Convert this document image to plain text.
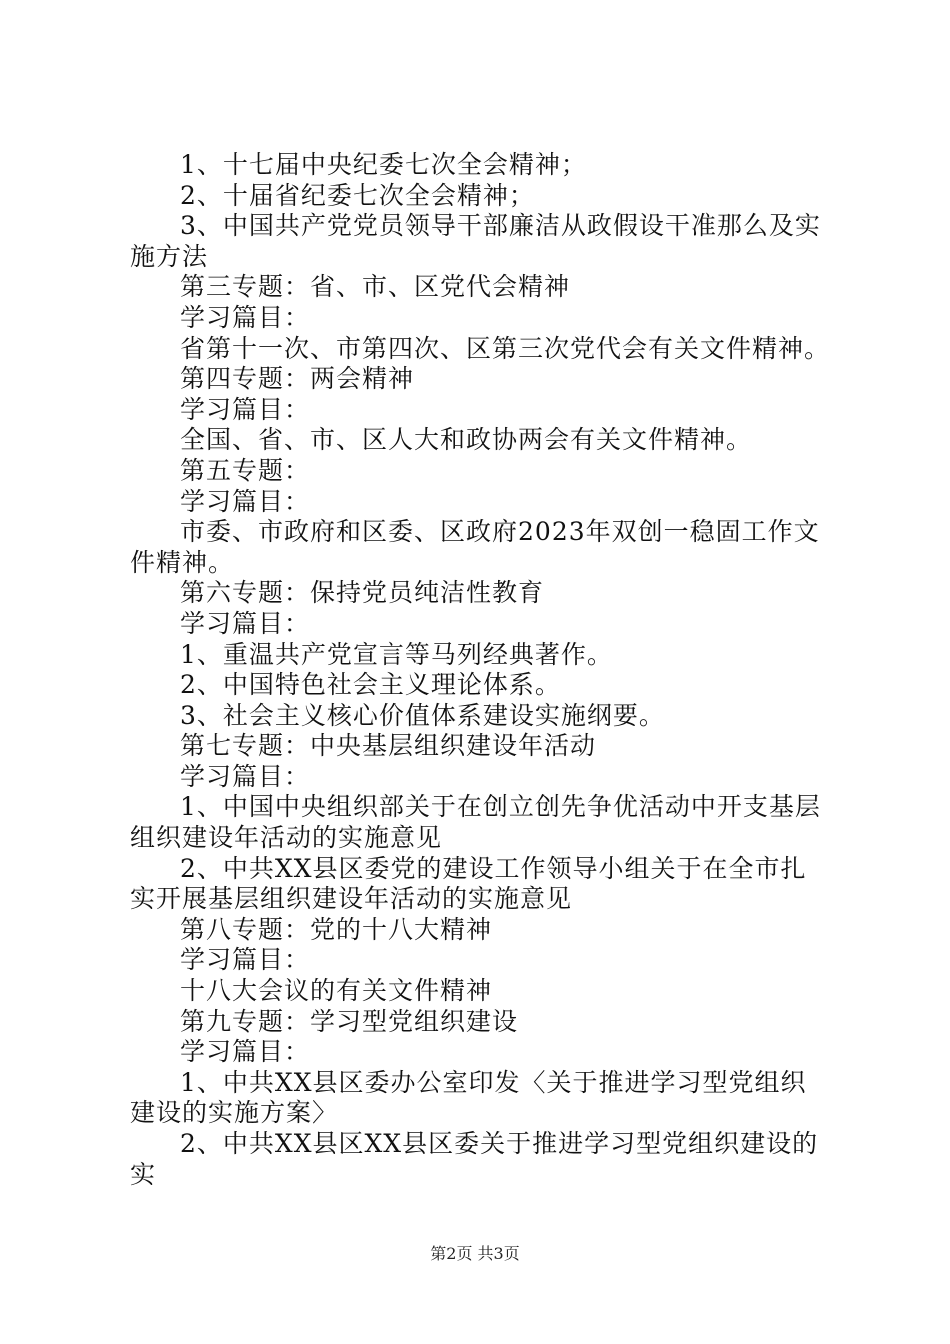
1、十七届中央纪委七次全会精神；

2、十届省纪委七次全会精神；

3、中国共产党党员领导干部廉洁从政假设干准那么及实施方法

第三专题：省、市、区党代会精神

学习篇目：

省第十一次、市第四次、区第三次党代会有关文件精神。

第四专题：两会精神

学习篇目：

全国、省、市、区人大和政协两会有关文件精神。

第五专题：

学习篇目：

市委、市政府和区委、区政府2023年双创一稳固工作文件精神。

第六专题：保持党员纯洁性教育

学习篇目：

1、重温共产党宣言等马列经典著作。

2、中国特色社会主义理论体系。

3、社会主义核心价值体系建设实施纲要。

第七专题：中央基层组织建设年活动

学习篇目：

1、中国中央组织部关于在创立创先争优活动中开支基层组织建设年活动的实施意见

2、中共XX县区委党的建设工作领导小组关于在全市扎实开展基层组织建设年活动的实施意见

第八专题：党的十八大精神

学习篇目：

十八大会议的有关文件精神

第九专题：学习型党组织建设

学习篇目：

1、中共XX县区委办公室印发〈关于推进学习型党组织建设的实施方案〉

2、中共XX县区XX县区委关于推进学习型党组织建设的实

第2页 共3页
